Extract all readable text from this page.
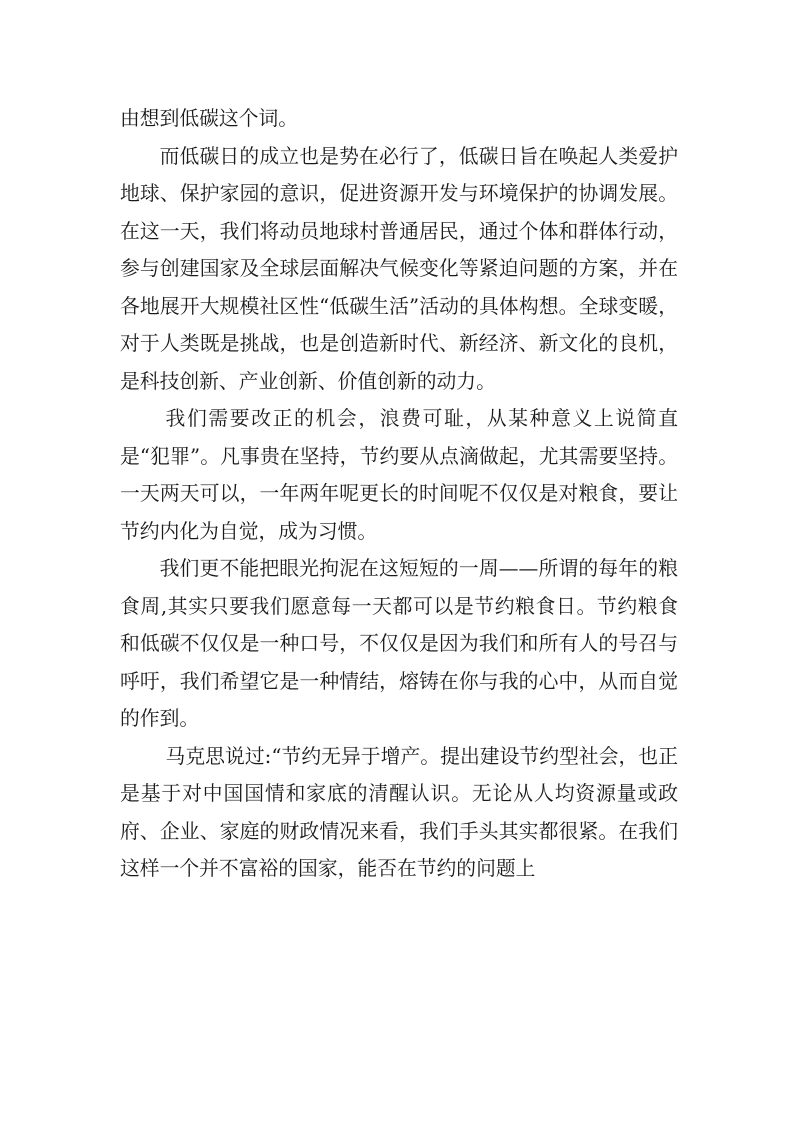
由想到低碳这个词。

而低碳日的成立也是势在必行了，低碳日旨在唤起人类爱护地球、保护家园的意识，促进资源开发与环境保护的协调发展。在这一天，我们将动员地球村普通居民，通过个体和群体行动，参与创建国家及全球层面解决气候变化等紧迫问题的方案，并在各地展开大规模社区性“低碳生活”活动的具体构想。全球变暖，对于人类既是挑战，也是创造新时代、新经济、新文化的良机，是科技创新、产业创新、价值创新的动力。

我们需要改正的机会，浪费可耻，从某种意义上说简直是“犯罪”。凡事贵在坚持，节约要从点滴做起，尤其需要坚持。一天两天可以，一年两年呢更长的时间呢不仅仅是对粮食，要让节约内化为自觉，成为习惯。

我们更不能把眼光拘泥在这短短的一周——所谓的每年的粮食周,其实只要我们愿意每一天都可以是节约粮食日。节约粮食和低碳不仅仅是一种口号，不仅仅是因为我们和所有人的号召与呼吁，我们希望它是一种情结，熔铸在你与我的心中，从而自觉的作到。

马克思说过:“节约无异于增产。提出建设节约型社会，也正是基于对中国国情和家底的清醒认识。无论从人均资源量或政府、企业、家庭的财政情况来看，我们手头其实都很紧。在我们这样一个并不富裕的国家，能否在节约的问题上
